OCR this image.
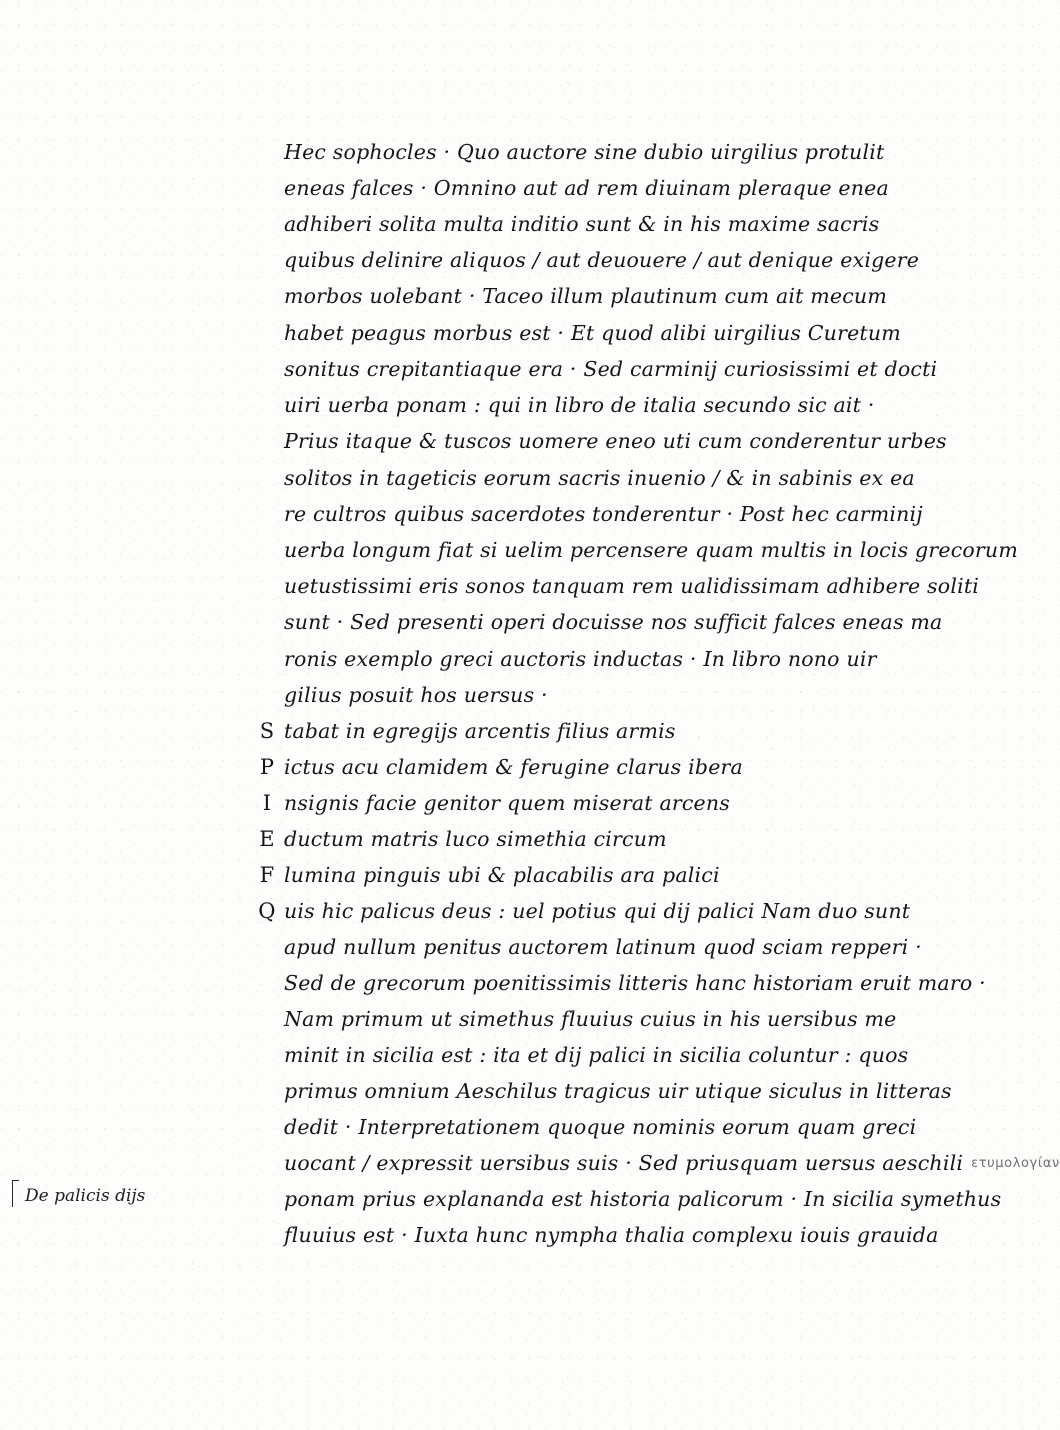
Hec sophocles · Quo auctore sine dubio uirgilius protulit
eneas falces · Omnino aut ad rem diuinam pleraque enea
adhiberi solita multa inditio sunt & in his maxime sacris
quibus delinire aliquos / aut deuouere / aut denique exigere
morbos uolebant · Taceo illum plautinum cum ait mecum
habet peagus morbus est · Et quod alibi uirgilius Curetum
sonitus crepitantiaque era · Sed carminij curiosissimi et docti
uiri uerba ponam : qui in libro de italia secundo sic ait ·
Prius itaque & tuscos uomere eneo uti cum conderentur urbes
solitos in tageticis eorum sacris inuenio / & in sabinis ex ea
re cultros quibus sacerdotes tonderentur · Post hec carminij
uerba longum fiat si uelim percensere quam multis in locis grecorum
uetustissimi eris sonos tanquam rem ualidissimam adhibere soliti
sunt · Sed presenti operi docuisse nos sufficit falces eneas ma
ronis exemplo greci auctoris inductas · In libro nono uir
gilius posuit hos uersus ·
S tabat in egregijs arcentis filius armis
P ictus acu clamidem & ferugine clarus ibera
I nsignis facie genitor quem miserat arcens
E ductum matris luco simethia circum
F lumina pinguis ubi & placabilis ara palici
Q uis hic palicus deus : uel potius qui dij palici Nam duo sunt
apud nullum penitus auctorem latinum quod sciam repperi ·
Sed de grecorum poenitissimis litteris hanc historiam eruit maro ·
Nam primum ut simethus fluuius cuius in his uersibus me
minit in sicilia est : ita et dij palici in sicilia coluntur : quos
primus omnium Aeschilus tragicus uir utique siculus in litteras
dedit · Interpretationem quoque nominis eorum quam greci
uocant / expressit uersibus suis · Sed priusquam uersus aeschili ετυμολογίαν
ponam prius explananda est historia palicorum · In sicilia symethus
fluuius est · Iuxta hunc nympha thalia complexu iouis grauida
De palicis dijs
